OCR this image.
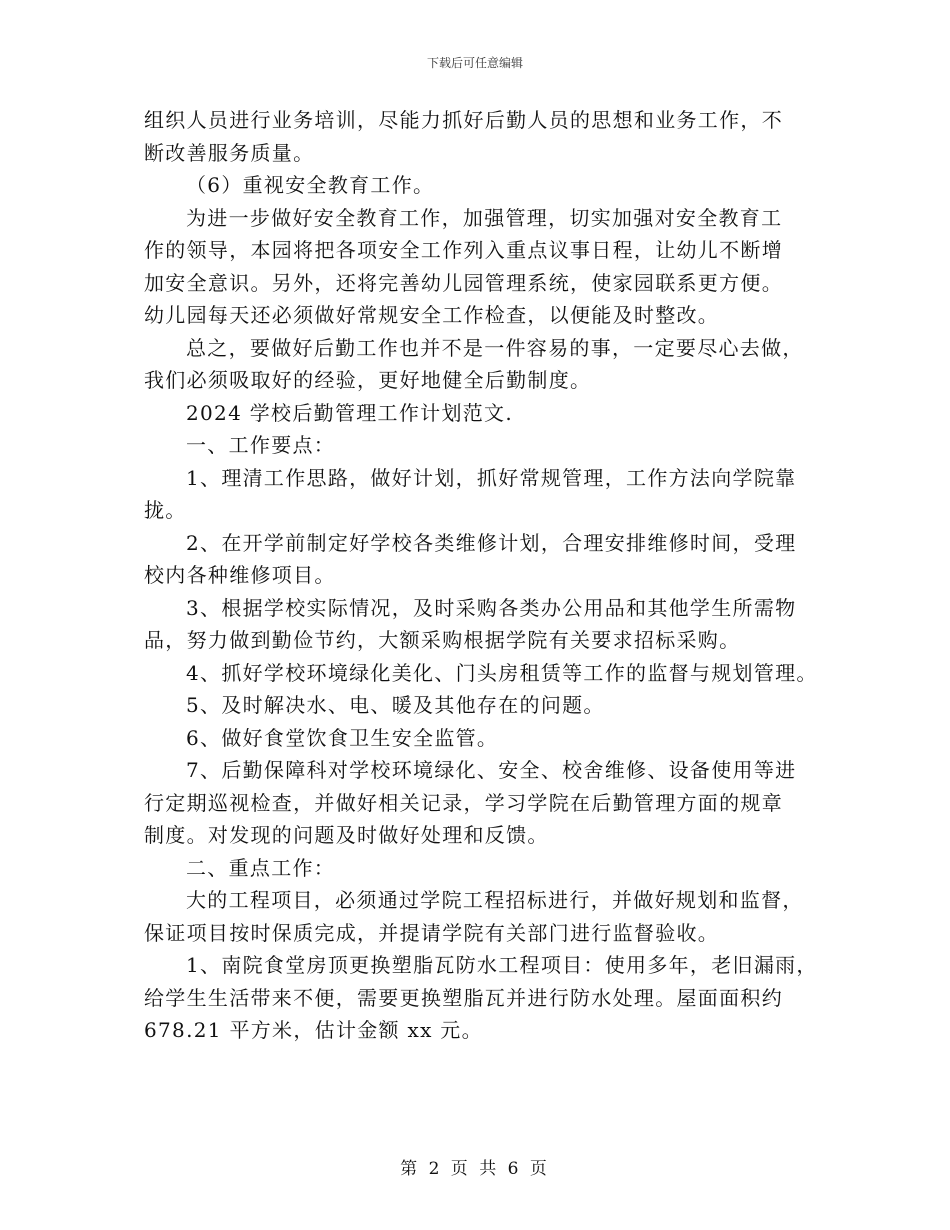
下载后可任意编辑
组织人员进行业务培训，尽能力抓好后勤人员的思想和业务工作，不
断改善服务质量。
（6）重视安全教育工作。
为进一步做好安全教育工作，加强管理，切实加强对安全教育工
作的领导，本园将把各项安全工作列入重点议事日程，让幼儿不断增
加安全意识。另外，还将完善幼儿园管理系统，使家园联系更方便。
幼儿园每天还必须做好常规安全工作检查，以便能及时整改。
总之，要做好后勤工作也并不是一件容易的事，一定要尽心去做，
我们必须吸取好的经验，更好地健全后勤制度。
2024 学校后勤管理工作计划范文.
一、工作要点：
1、理清工作思路，做好计划，抓好常规管理，工作方法向学院靠
拢。
2、在开学前制定好学校各类维修计划，合理安排维修时间，受理
校内各种维修项目。
3、根据学校实际情况，及时采购各类办公用品和其他学生所需物
品，努力做到勤俭节约，大额采购根据学院有关要求招标采购。
4、抓好学校环境绿化美化、门头房租赁等工作的监督与规划管理。
5、及时解决水、电、暖及其他存在的问题。
6、做好食堂饮食卫生安全监管。
7、后勤保障科对学校环境绿化、安全、校舍维修、设备使用等进
行定期巡视检查，并做好相关记录，学习学院在后勤管理方面的规章
制度。对发现的问题及时做好处理和反馈。
二、重点工作：
大的工程项目，必须通过学院工程招标进行，并做好规划和监督，
保证项目按时保质完成，并提请学院有关部门进行监督验收。
1、南院食堂房顶更换塑脂瓦防水工程项目：使用多年，老旧漏雨，
给学生生活带来不便，需要更换塑脂瓦并进行防水处理。屋面面积约
678.21 平方米，估计金额 xx 元。
第 2 页 共 6 页
